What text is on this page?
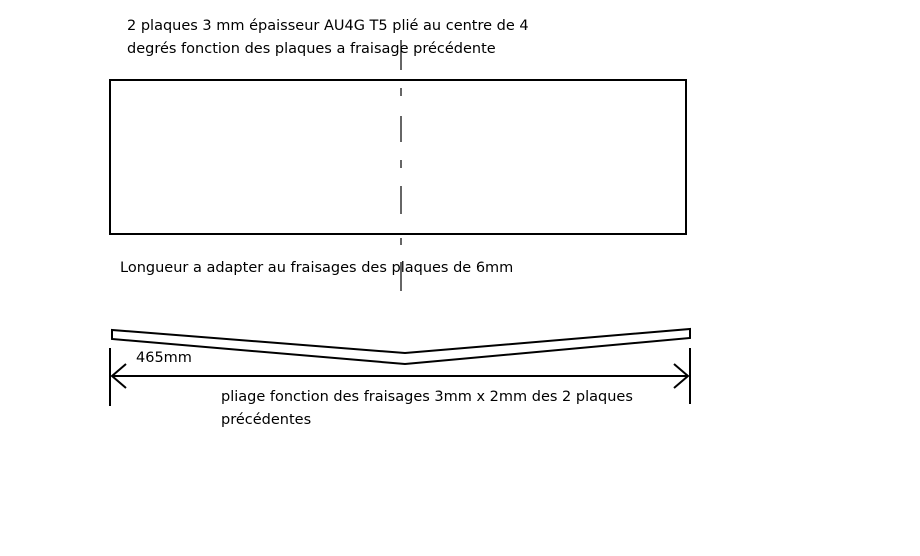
2 plaques 3 mm épaisseur AU4G T5 plié au centre de 4
degrés fonction des plaques a fraisage précédente
Longueur a adapter au fraisages des plaques de 6mm
465mm
pliage fonction des fraisages 3mm x 2mm des 2 plaques
précédentes
